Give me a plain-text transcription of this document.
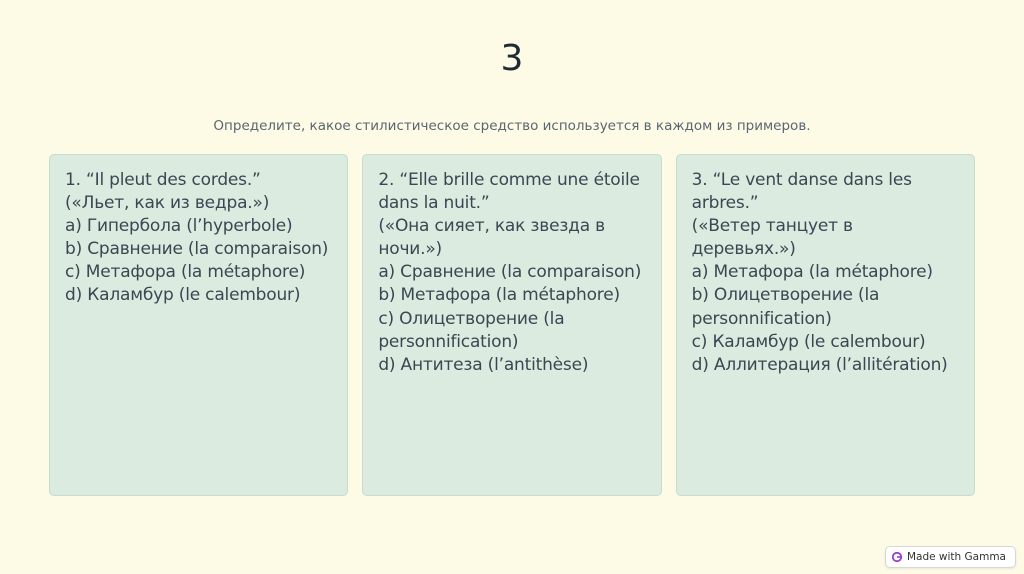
3

Определите, какое стилистическое средство используется в каждом из примеров.

1. “Il pleut des cordes.”
(«Льет, как из ведра.»)
a) Гипербола (l’hyperbole)
b) Сравнение (la comparaison)
c) Метафора (la métaphore)
d) Каламбур (le calembour)
2. “Elle brille comme une étoile
dans la nuit.”
(«Она сияет, как звезда в
ночи.»)
a) Сравнение (la comparaison)
b) Метафора (la métaphore)
c) Олицетворение (la
personnification)
d) Антитеза (l’antithèse)
3. “Le vent danse dans les
arbres.”
(«Ветер танцует в деревьях.»)
a) Метафора (la métaphore)
b) Олицетворение (la
personnification)
c) Каламбур (le calembour)
d) Аллитерация (l’allitération)
Made with Gamma
